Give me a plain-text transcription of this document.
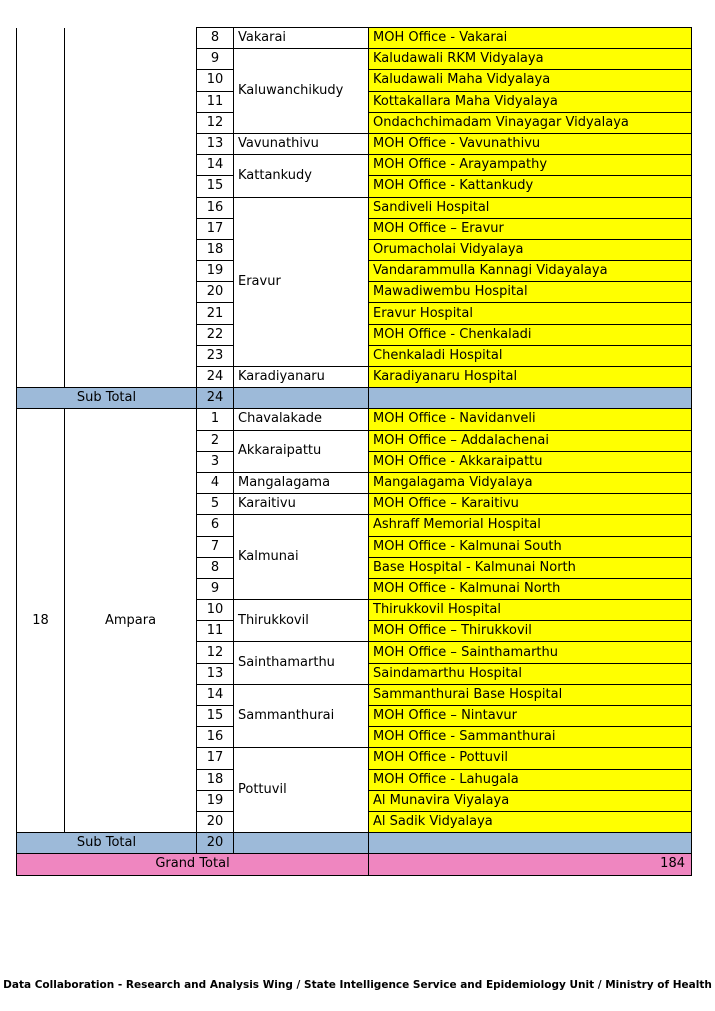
		8	Vakarai	MOH Office - Vakarai
		9	Kaluwanchikudy	Kaludawali RKM Vidyalaya
		10		Kaludawali Maha Vidyalaya
		11		Kottakallara Maha Vidyalaya
		12		Ondachchimadam Vinayagar Vidyalaya
		13	Vavunathivu	MOH Office - Vavunathivu
		14	Kattankudy	MOH Office - Arayampathy
		15		MOH Office - Kattankudy
		16	Eravur	Sandiveli Hospital
		17		MOH Office – Eravur
		18		Orumacholai Vidyalaya
		19		Vandarammulla Kannagi Vidayalaya
		20		Mawadiwembu Hospital
		21		Eravur Hospital
		22		MOH Office - Chenkaladi
		23		Chenkaladi Hospital
		24	Karadiyanaru	Karadiyanaru Hospital
Sub Total		24		
18	Ampara	1	Chavalakade	MOH Office - Navidanveli
		2	Akkaraipattu	MOH Office – Addalachenai
		3		MOH Office - Akkaraipattu
		4	Mangalagama	Mangalagama Vidyalaya
		5	Karaitivu	MOH Office – Karaitivu
		6	Kalmunai	Ashraff Memorial Hospital
		7		MOH Office - Kalmunai South
		8		Base Hospital - Kalmunai North
		9		MOH Office - Kalmunai North
		10	Thirukkovil	Thirukkovil Hospital
		11		MOH Office – Thirukkovil
		12	Sainthamarthu	MOH Office – Sainthamarthu
		13		Saindamarthu Hospital
		14	Sammanthurai	Sammanthurai Base Hospital
		15		MOH Office – Nintavur
		16		MOH Office - Sammanthurai
		17	Pottuvil	MOH Office - Pottuvil
		18		MOH Office - Lahugala
		19		Al Munavira Viyalaya
		20		Al Sadik Vidyalaya
Sub Total		20		
Grand Total				184
Data Collaboration - Research and Analysis Wing / State Intelligence Service and Epidemiology Unit / Ministry of Health
